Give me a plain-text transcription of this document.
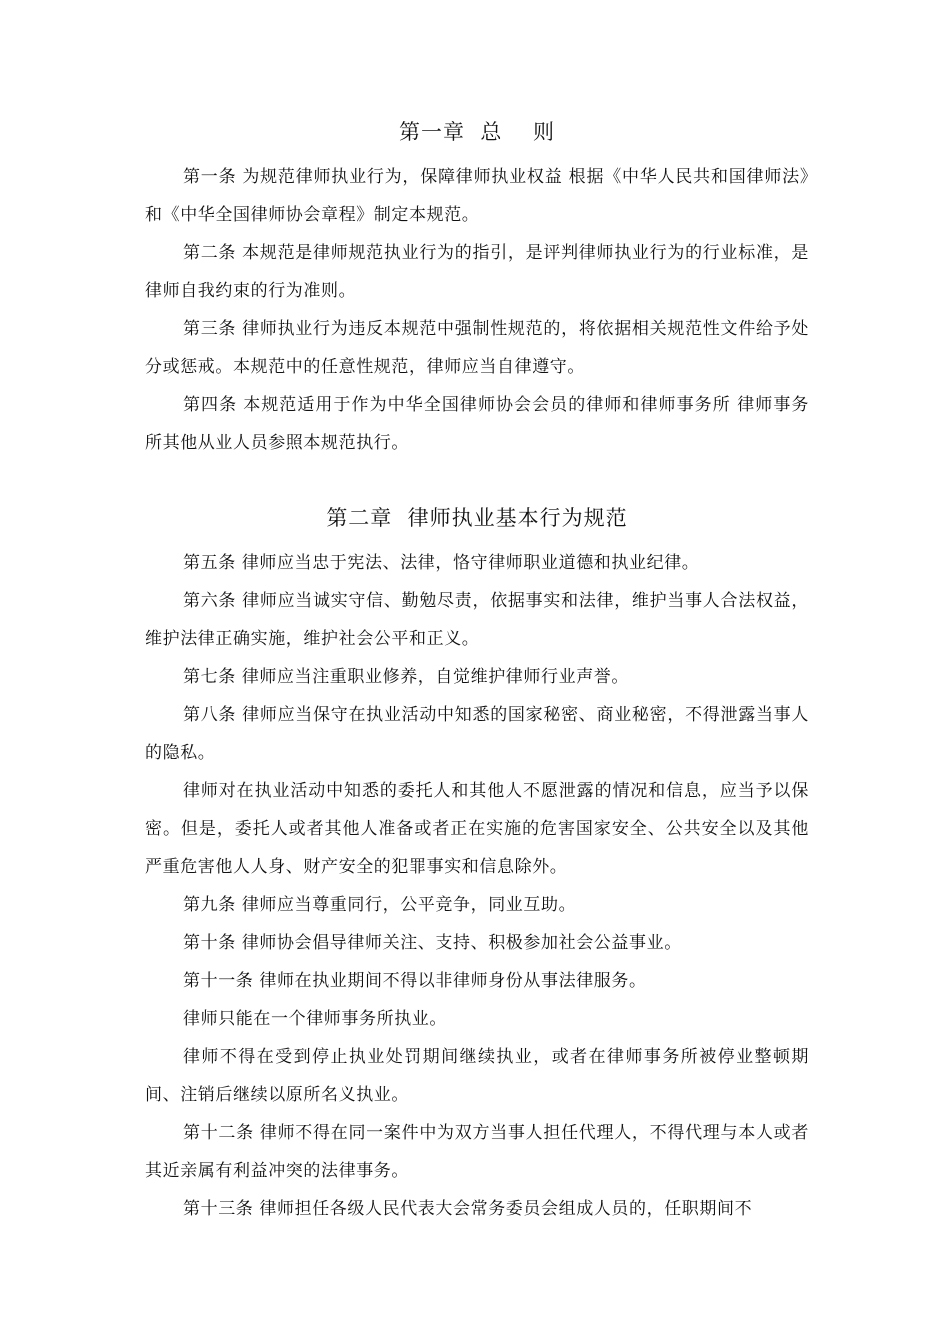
第一章  总    则

第一条 为规范律师执业行为，保障律师执业权益 根据《中华人民共和国律师法》和《中华全国律师协会章程》制定本规范。

第二条 本规范是律师规范执业行为的指引，是评判律师执业行为的行业标准，是律师自我约束的行为准则。

第三条 律师执业行为违反本规范中强制性规范的，将依据相关规范性文件给予处分或惩戒。本规范中的任意性规范，律师应当自律遵守。

第四条 本规范适用于作为中华全国律师协会会员的律师和律师事务所 律师事务所其他从业人员参照本规范执行。

第二章  律师执业基本行为规范

第五条 律师应当忠于宪法、法律，恪守律师职业道德和执业纪律。

第六条 律师应当诚实守信、勤勉尽责，依据事实和法律，维护当事人合法权益，维护法律正确实施，维护社会公平和正义。

第七条 律师应当注重职业修养，自觉维护律师行业声誉。

第八条 律师应当保守在执业活动中知悉的国家秘密、商业秘密，不得泄露当事人的隐私。

律师对在执业活动中知悉的委托人和其他人不愿泄露的情况和信息，应当予以保密。但是，委托人或者其他人准备或者正在实施的危害国家安全、公共安全以及其他严重危害他人人身、财产安全的犯罪事实和信息除外。

第九条 律师应当尊重同行，公平竞争，同业互助。

第十条 律师协会倡导律师关注、支持、积极参加社会公益事业。

第十一条 律师在执业期间不得以非律师身份从事法律服务。

律师只能在一个律师事务所执业。

律师不得在受到停止执业处罚期间继续执业，或者在律师事务所被停业整顿期间、注销后继续以原所名义执业。

第十二条 律师不得在同一案件中为双方当事人担任代理人，不得代理与本人或者其近亲属有利益冲突的法律事务。

第十三条 律师担任各级人民代表大会常务委员会组成人员的，任职期间不
